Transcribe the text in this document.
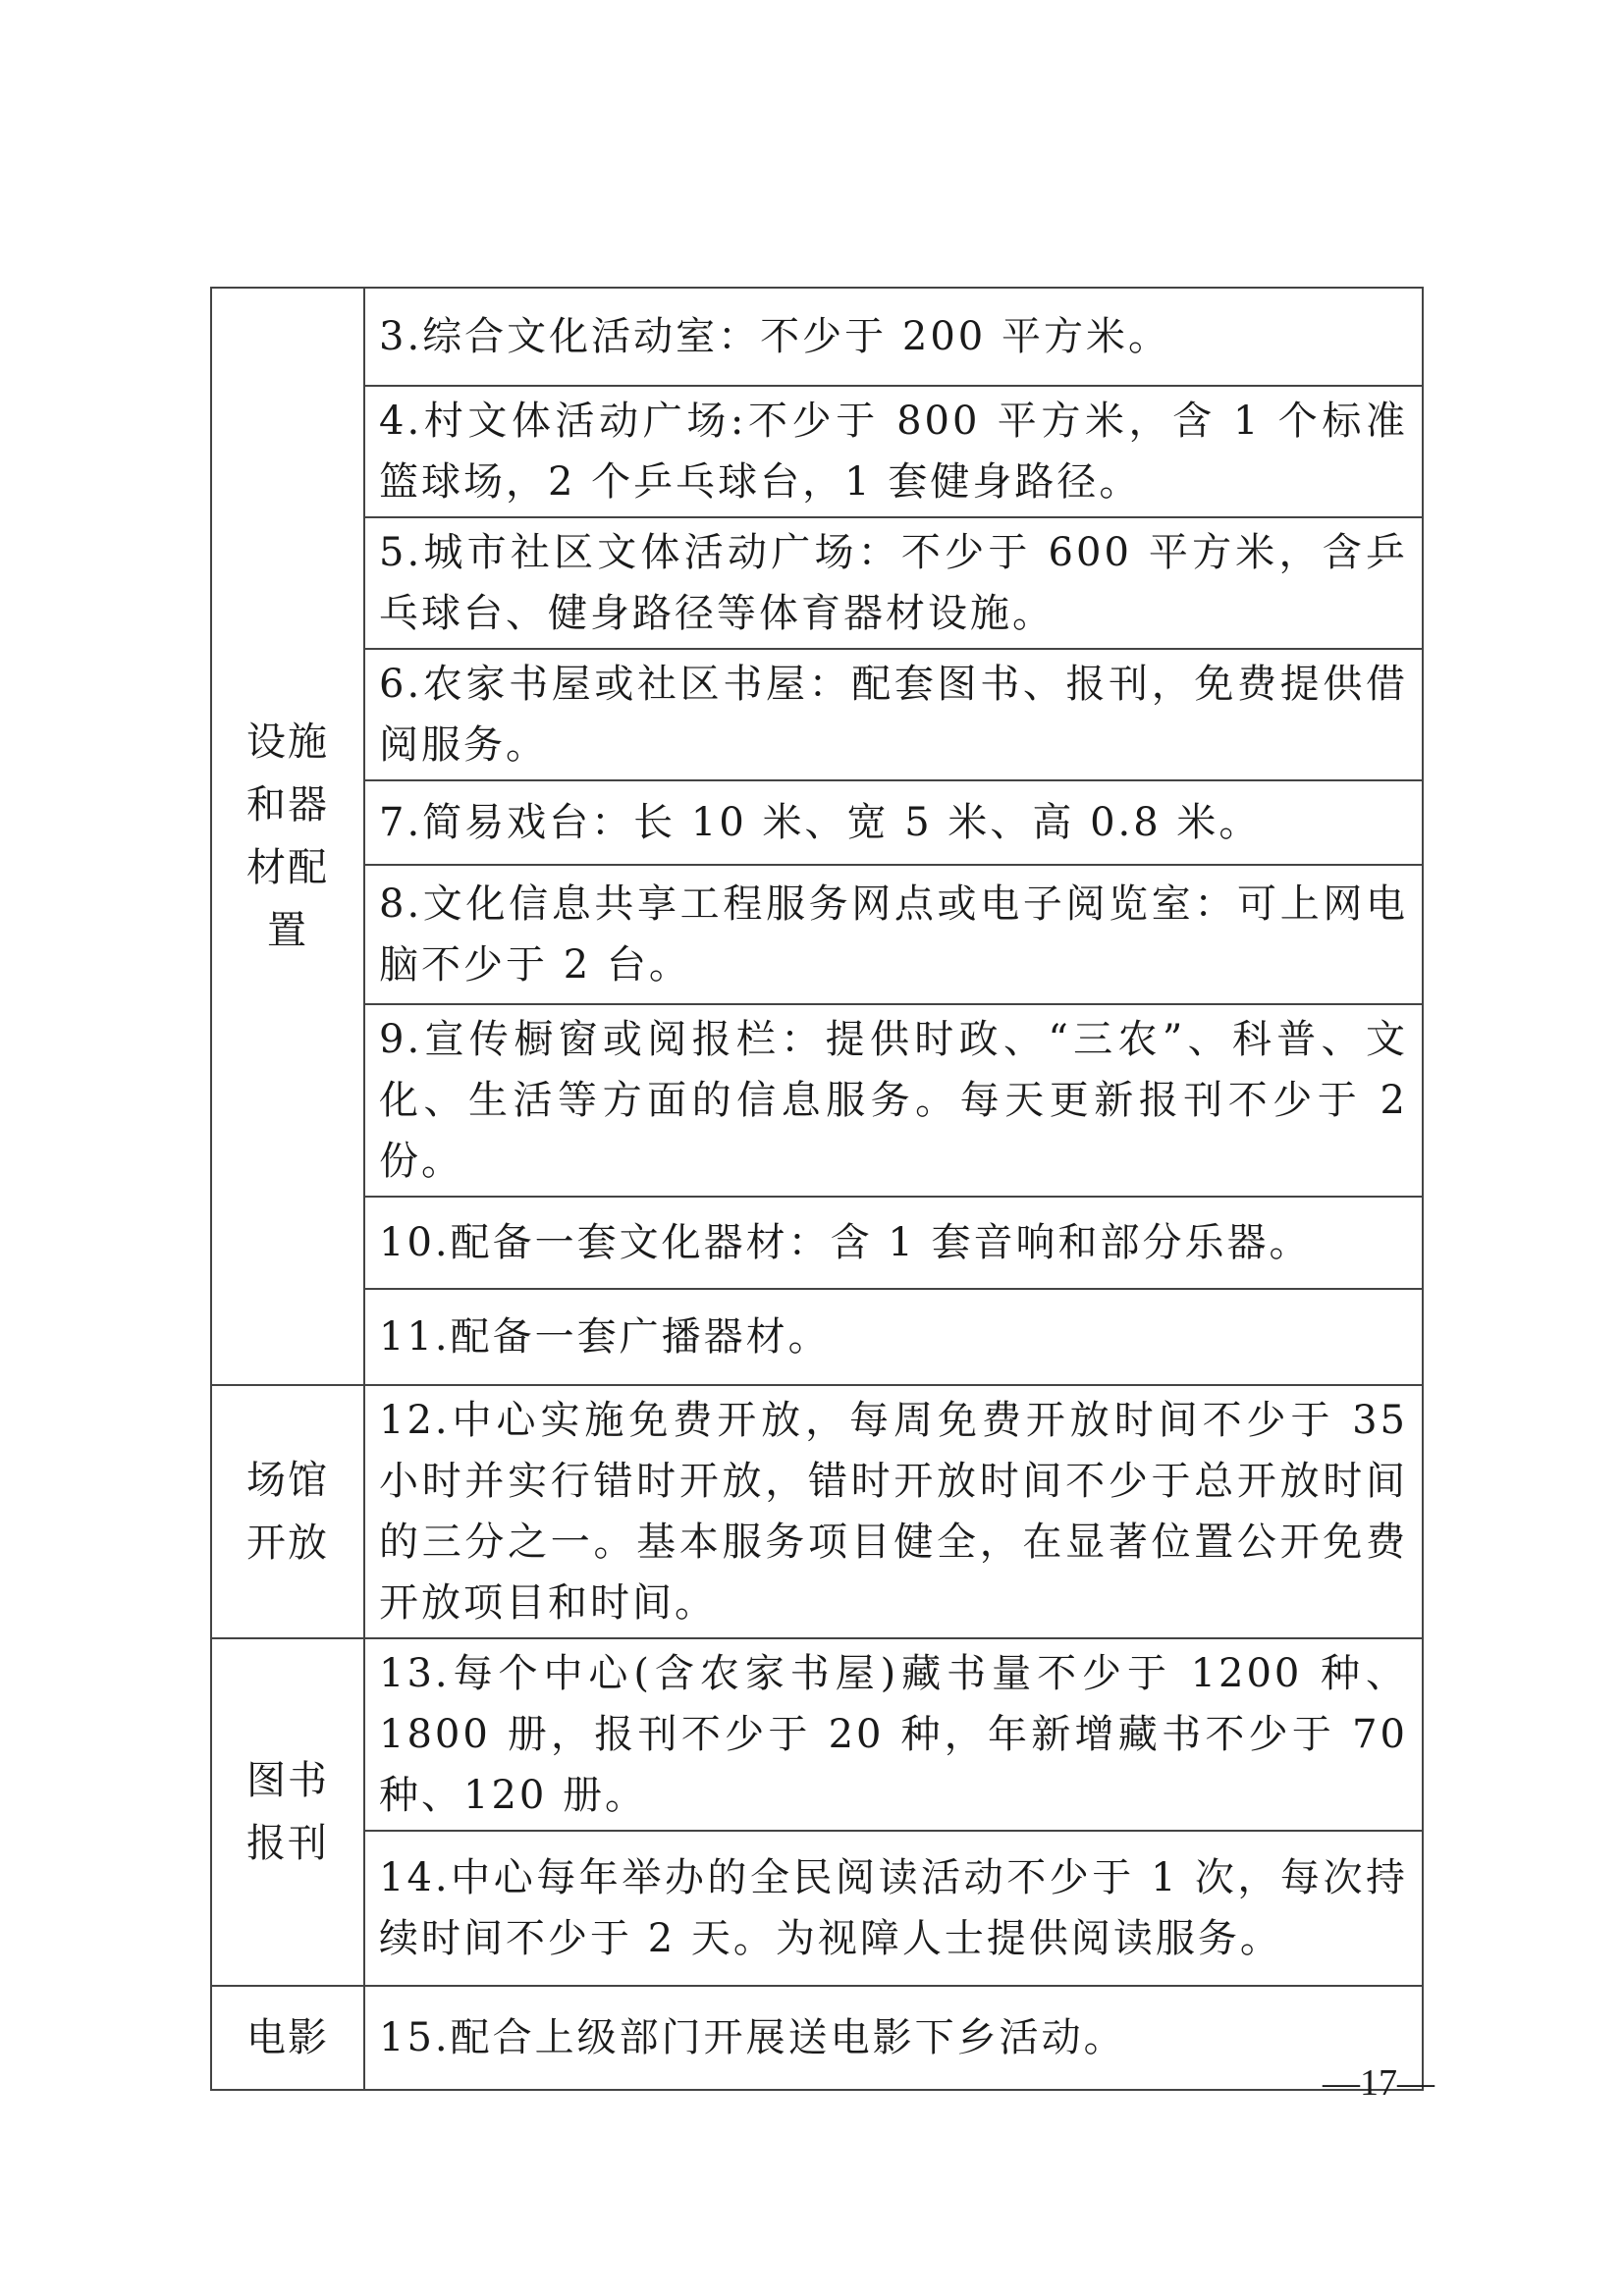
设施和器材配置	3.综合文化活动室：不少于 200 平方米。
	4.村文体活动广场:不少于 800 平方米，含 1 个标准篮球场，2 个乒乓球台，1 套健身路径。
	5.城市社区文体活动广场：不少于 600 平方米，含乒乓球台、健身路径等体育器材设施。
	6.农家书屋或社区书屋：配套图书、报刊，免费提供借阅服务。
	7.简易戏台：长 10 米、宽 5 米、高 0.8 米。
	8.文化信息共享工程服务网点或电子阅览室：可上网电脑不少于 2 台。
	9.宣传橱窗或阅报栏：提供时政、“三农”、科普、文化、生活等方面的信息服务。每天更新报刊不少于 2 份。
	10.配备一套文化器材：含 1 套音响和部分乐器。
	11.配备一套广播器材。
场馆开放	12.中心实施免费开放，每周免费开放时间不少于 35 小时并实行错时开放，错时开放时间不少于总开放时间的三分之一。基本服务项目健全，在显著位置公开免费开放项目和时间。
图书报刊	13.每个中心(含农家书屋)藏书量不少于 1200 种、1800 册，报刊不少于 20 种，年新增藏书不少于 70 种、120 册。
	14.中心每年举办的全民阅读活动不少于 1 次，每次持续时间不少于 2 天。为视障人士提供阅读服务。
电影	15.配合上级部门开展送电影下乡活动。
—17—
